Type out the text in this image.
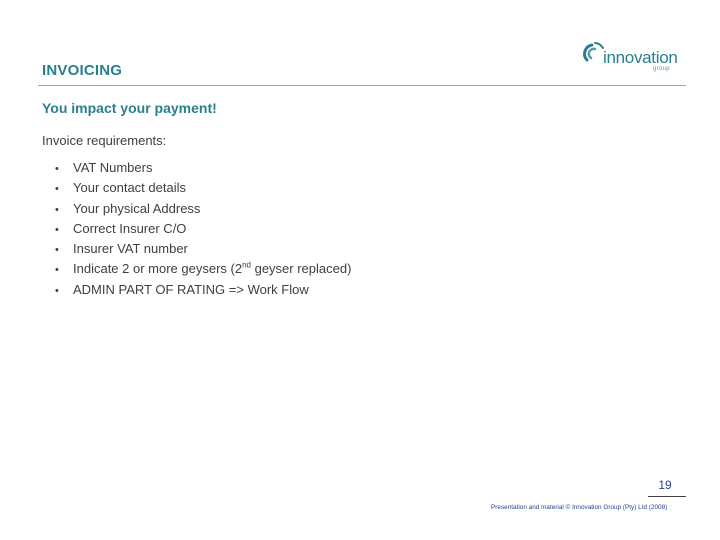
INVOICING
innovation
group
You impact your payment!
Invoice requirements:
• VAT Numbers
• Your contact details
• Your physical Address
• Correct Insurer C/O
• Insurer VAT number
• Indicate 2 or more geysers (2nd geyser replaced)
• ADMIN PART OF RATING => Work Flow
19
Presentation and material © Innovation Group (Pty) Ltd (2008)
